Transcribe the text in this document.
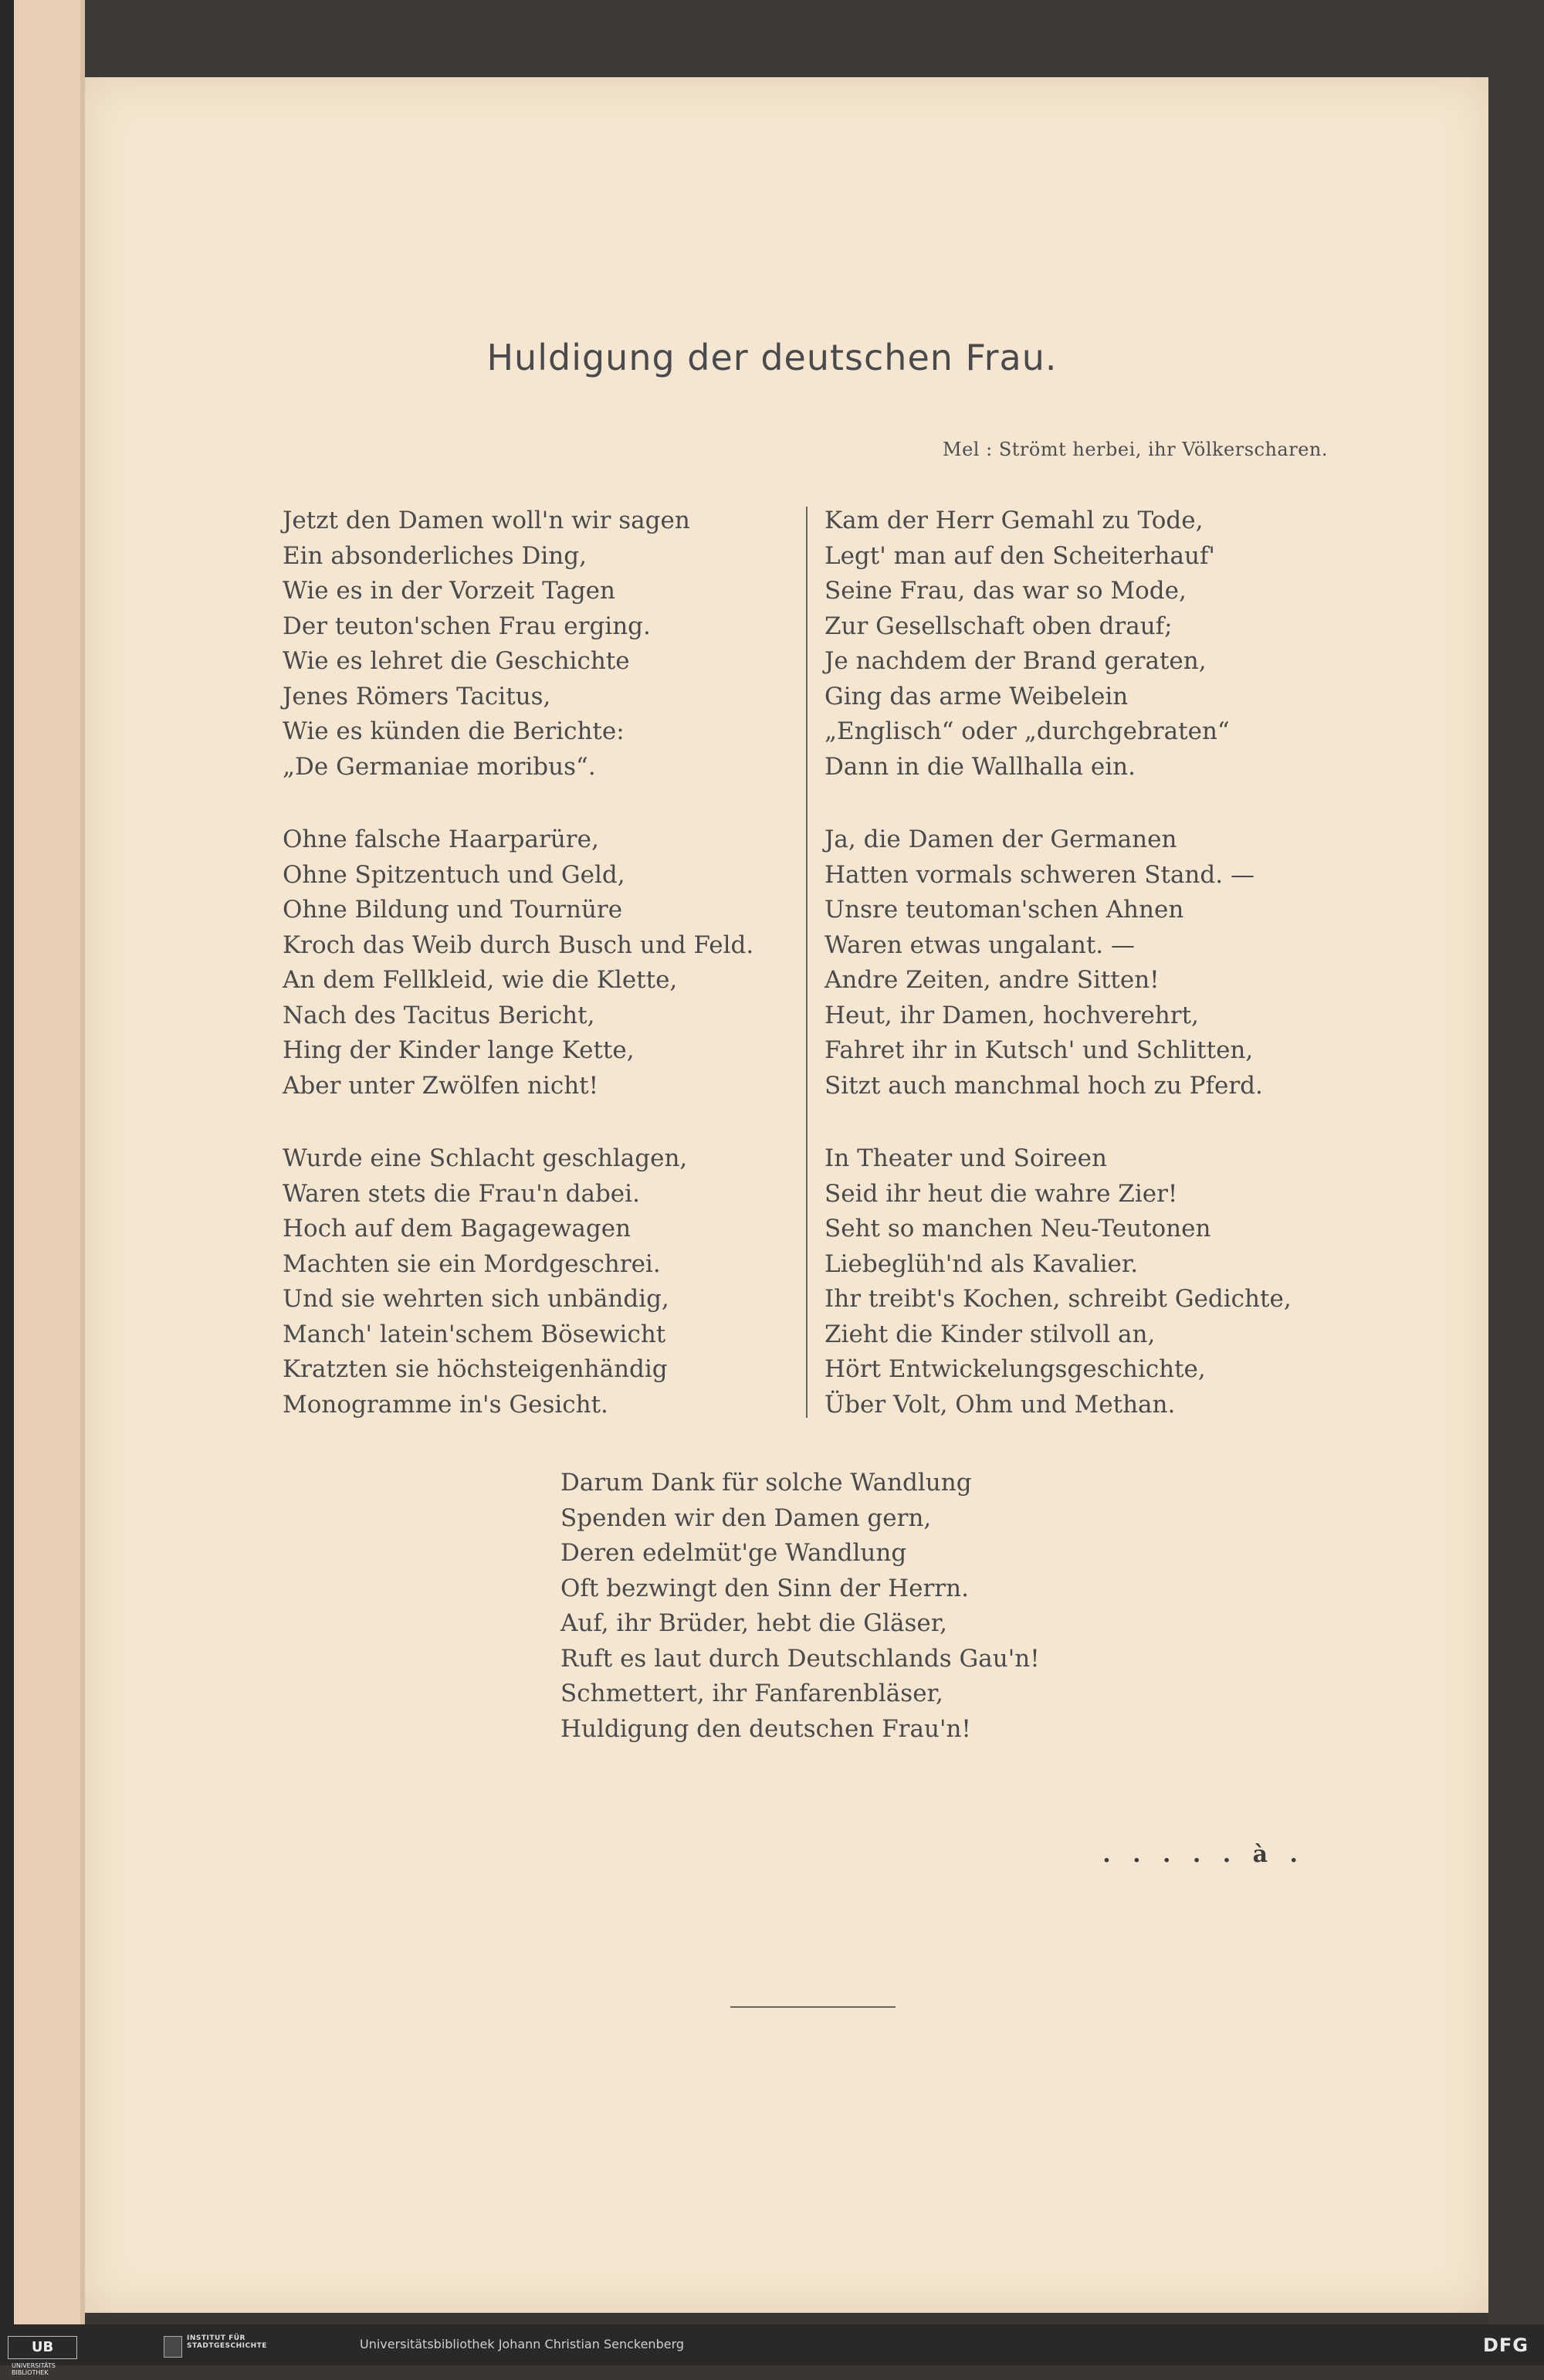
Huldigung der deutschen Frau.
Mel : Strömt herbei, ihr Völkerscharen.
Jetzt den Damen woll'n wir sagen
Ein absonderliches Ding,
Wie es in der Vorzeit Tagen
Der teuton'schen Frau erging.
Wie es lehret die Geschichte
Jenes Römers Tacitus,
Wie es künden die Berichte:
„De Germaniae moribus“.
Ohne falsche Haarparüre,
Ohne Spitzentuch und Geld,
Ohne Bildung und Tournüre
Kroch das Weib durch Busch und Feld.
An dem Fellkleid, wie die Klette,
Nach des Tacitus Bericht,
Hing der Kinder lange Kette,
Aber unter Zwölfen nicht!
Wurde eine Schlacht geschlagen,
Waren stets die Frau'n dabei.
Hoch auf dem Bagagewagen
Machten sie ein Mordgeschrei.
Und sie wehrten sich unbändig,
Manch' latein'schem Bösewicht
Kratzten sie höchsteigenhändig
Monogramme in's Gesicht.
Kam der Herr Gemahl zu Tode,
Legt' man auf den Scheiterhauf'
Seine Frau, das war so Mode,
Zur Gesellschaft oben drauf;
Je nachdem der Brand geraten,
Ging das arme Weibelein
„Englisch“ oder „durchgebraten“
Dann in die Wallhalla ein.
Ja, die Damen der Germanen
Hatten vormals schweren Stand. —
Unsre teutoman'schen Ahnen
Waren etwas ungalant. —
Andre Zeiten, andre Sitten!
Heut, ihr Damen, hochverehrt,
Fahret ihr in Kutsch' und Schlitten,
Sitzt auch manchmal hoch zu Pferd.
In Theater und Soireen
Seid ihr heut die wahre Zier!
Seht so manchen Neu-Teutonen
Liebeglüh'nd als Kavalier.
Ihr treibt's Kochen, schreibt Gedichte,
Zieht die Kinder stilvoll an,
Hört Entwickelungsgeschichte,
Über Volt, Ohm und Methan.
Darum Dank für solche Wandlung
Spenden wir den Damen gern,
Deren edelmüt'ge Wandlung
Oft bezwingt den Sinn der Herrn.
Auf, ihr Brüder, hebt die Gläser,
Ruft es laut durch Deutschlands Gau'n!
Schmettert, ihr Fanfarenbläser,
Huldigung den deutschen Frau'n!
. . . . . à .
UBUNIVERSITÄTS BIBLIOTHEK
INSTITUT FÜR STADTGESCHICHTE	Universitätsbibliothek Johann Christian Senckenberg	DFG
